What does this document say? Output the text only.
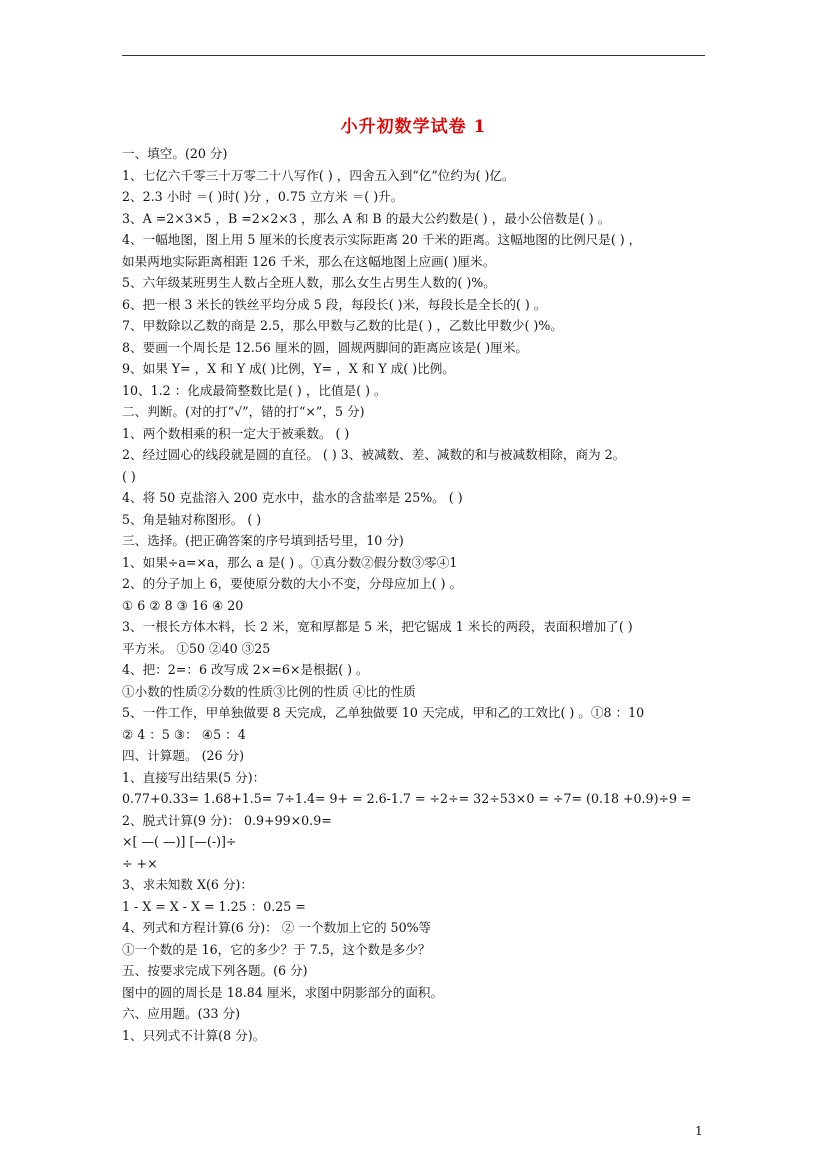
小升初数学试卷 1
一、填空。(20 分)
1、七亿六千零三十万零二十八写作( ) ，四舍五入到“亿”位约为( )亿。
2、2.3 小时 ＝( )时( )分 ，0.75 立方米 ＝( )升。
3、A =2×3×5 ，B =2×2×3 ，那么 A 和 B 的最大公约数是( ) ，最小公倍数是( ) 。
4、一幅地图，图上用 5 厘米的长度表示实际距离 20 千米的距离。这幅地图的比例尺是( ) ，
如果两地实际距离相距 126 千米，那么在这幅地图上应画( )厘米。
5、六年级某班男生人数占全班人数，那么女生占男生人数的( )%。
6、把一根 3 米长的铁丝平均分成 5 段，每段长( )米，每段长是全长的( ) 。
7、甲数除以乙数的商是 2.5，那么甲数与乙数的比是( ) ，乙数比甲数少( )%。
8、要画一个周长是 12.56 厘米的圆，圆规两脚间的距离应该是( )厘米。
9、如果 Y= ，X 和 Y 成( )比例，Y= ，X 和 Y 成( )比例。
10、1.2 ：化成最简整数比是( ) ，比值是( ) 。
二、判断。(对的打“√”，错的打“×”，5 分)
1、两个数相乘的积一定大于被乘数。 ( )
2、经过圆心的线段就是圆的直径。 ( ) 3、被减数、差、减数的和与被减数相除，商为 2。
( )
4、将 50 克盐溶入 200 克水中，盐水的含盐率是 25%。 ( )
5、角是轴对称图形。 ( )
三、选择。(把正确答案的序号填到括号里，10 分)
1、如果÷a=×a，那么 a 是( ) 。①真分数②假分数③零④1
2、的分子加上 6，要使原分数的大小不变，分母应加上( ) 。
① 6 ② 8 ③ 16 ④ 20
3、一根长方体木料，长 2 米，宽和厚都是 5 米，把它锯成 1 米长的两段，表面积增加了( )
平方米。 ①50 ②40 ③25
4、把：2=：6 改写成 2×=6×是根据( ) 。
①小数的性质②分数的性质③比例的性质 ④比的性质
5、一件工作，甲单独做要 8 天完成，乙单独做要 10 天完成，甲和乙的工效比( ) 。①8 ：10
② 4 ：5 ③： ④5 ：4
四、计算题。 (26 分)
1、直接写出结果(5 分)：
0.77+0.33= 1.68+1.5= 7÷1.4= 9+ = 2.6-1.7 = ÷2÷= 32÷53×0 = ÷7= (0.18 +0.9)÷9 =
2、脱式计算(9 分)： 0.9+99×0.9=
×[ —( —)] [—(-)]÷
÷ +×
3、求未知数 X(6 分)：
1 - X = X - X = 1.25 ：0.25 =
4、列式和方程计算(6 分)： ② 一个数加上它的 50%等
①一个数的是 16，它的多少？于 7.5，这个数是多少？
五、按要求完成下列各题。(6 分)
图中的圆的周长是 18.84 厘米，求图中阴影部分的面积。
六、应用题。(33 分)
1、只列式不计算(8 分)。
1
